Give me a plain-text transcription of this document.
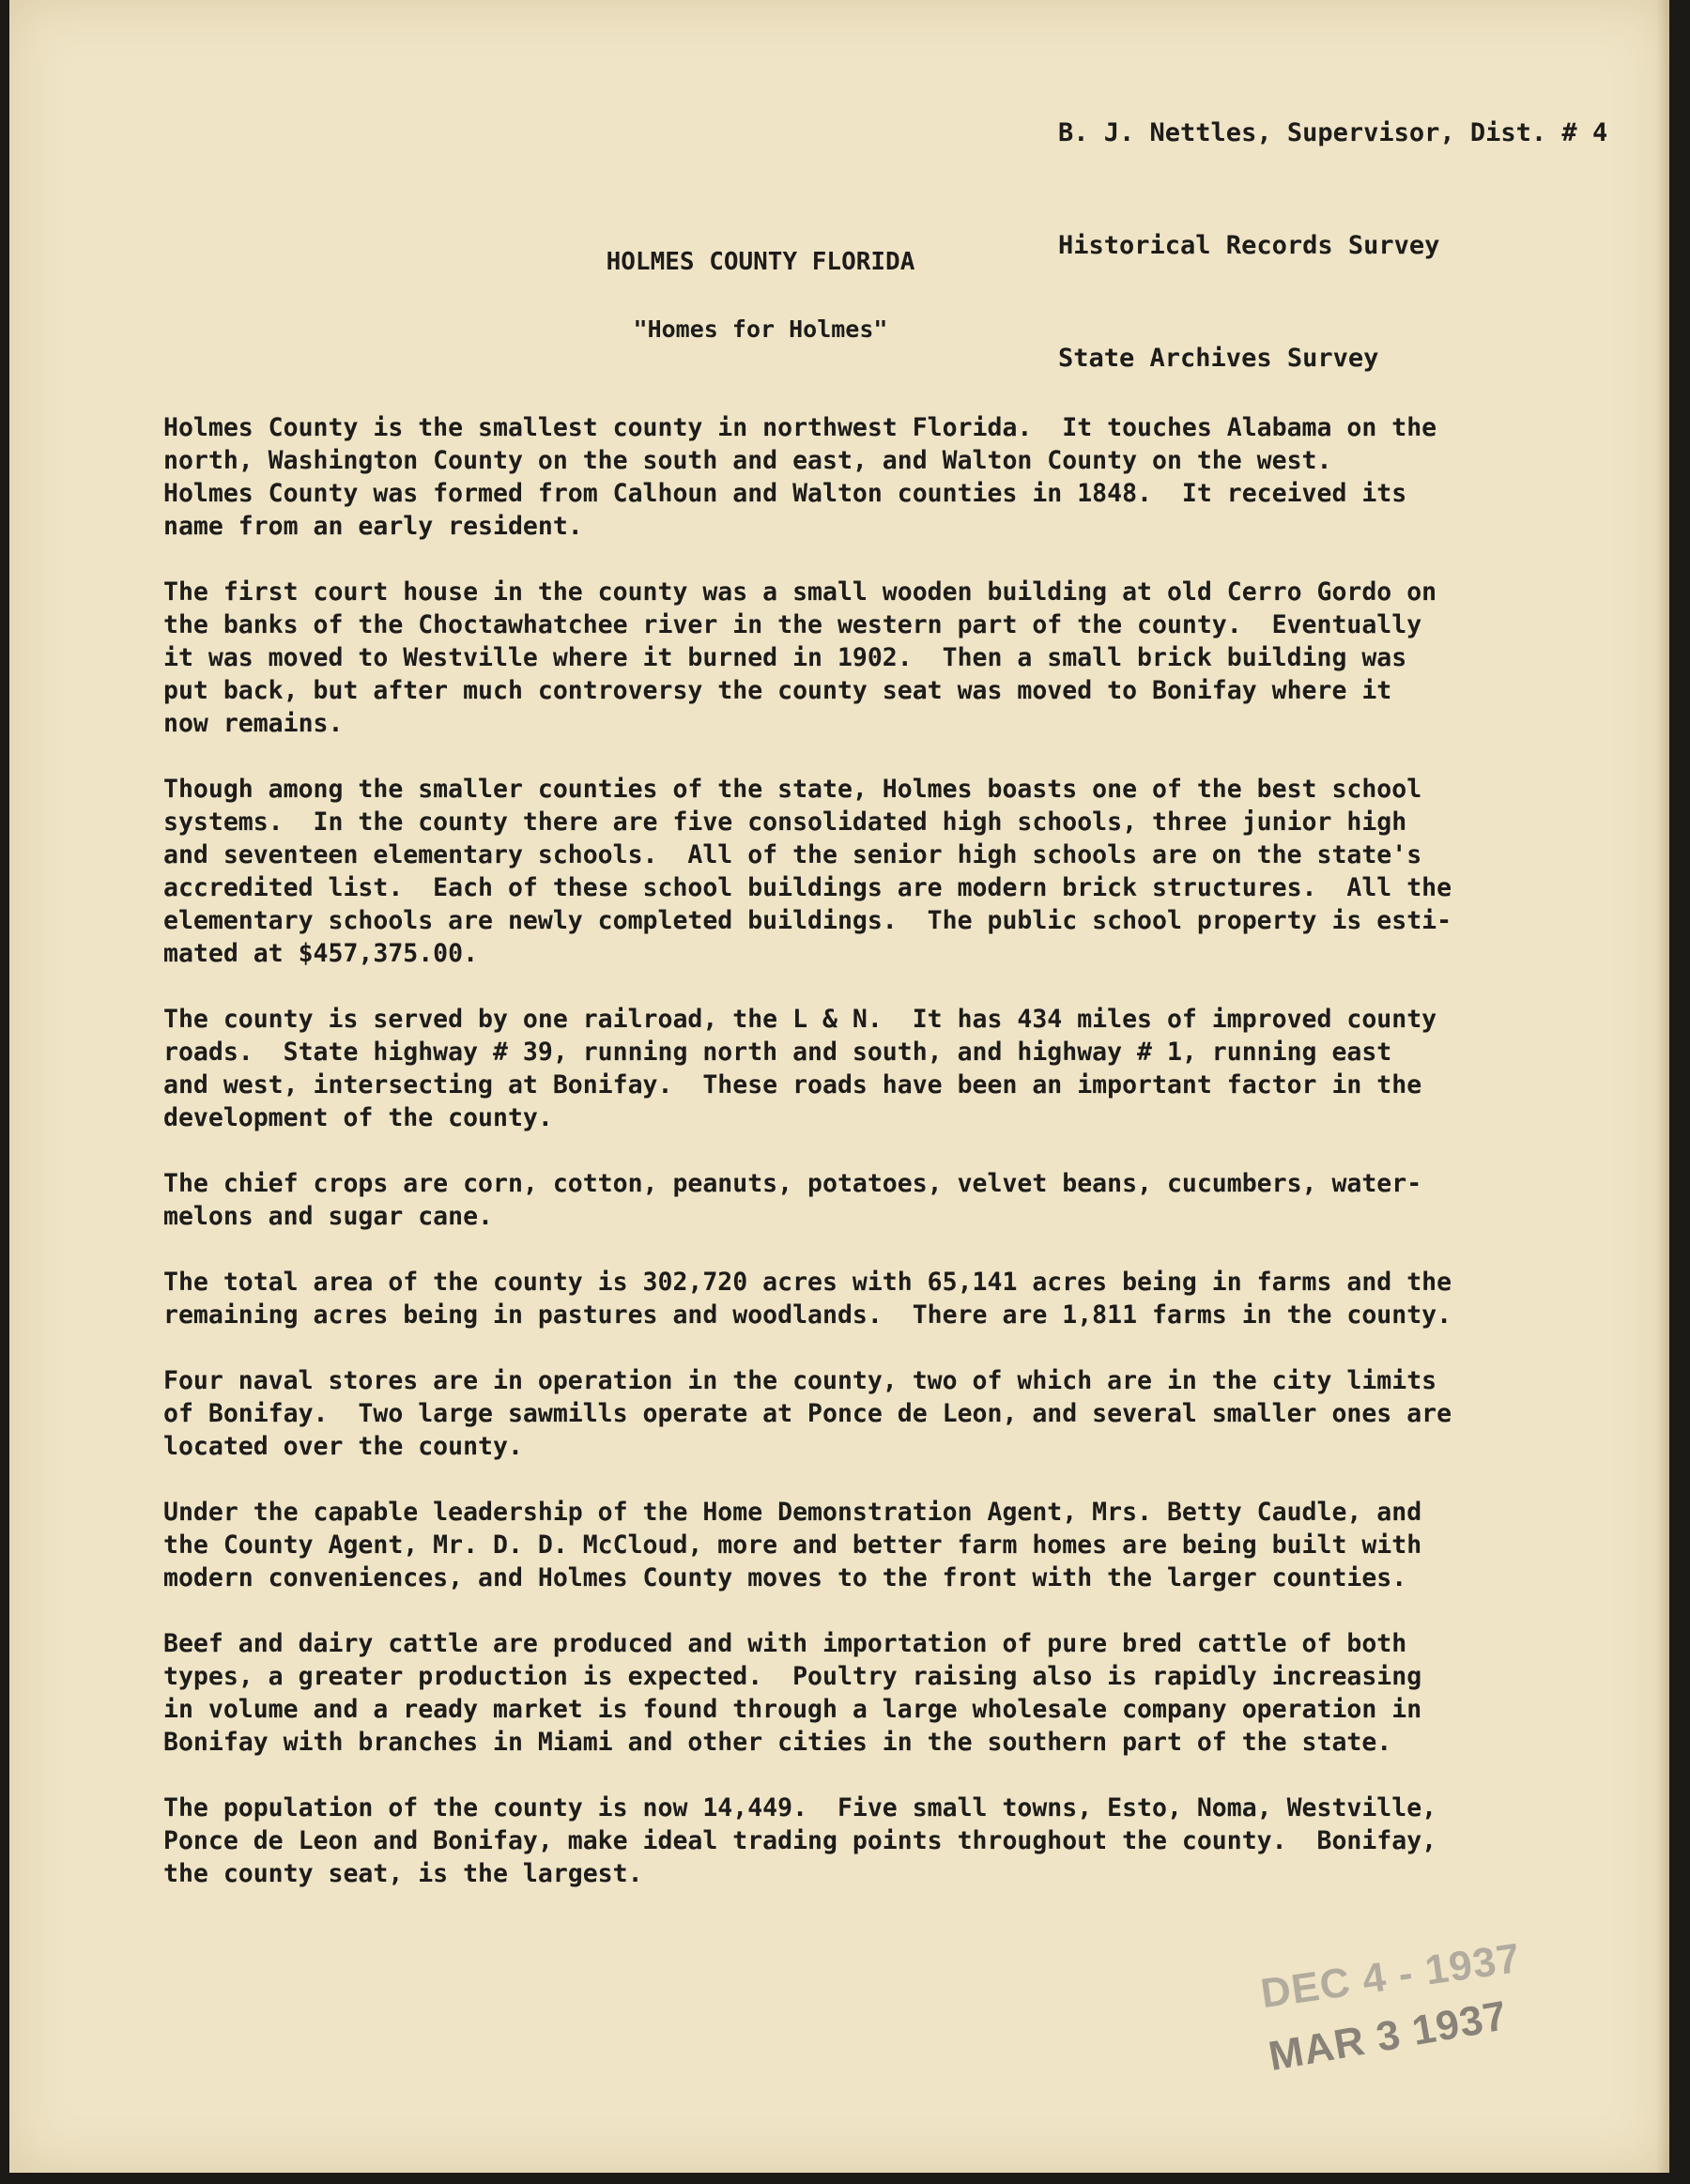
B. J. Nettles, Supervisor, Dist. # 4

Historical Records Survey

State Archives Survey

HOLMES COUNTY FLORIDA
"Homes for Holmes"
Holmes County is the smallest county in northwest Florida.  It touches Alabama on the
north, Washington County on the south and east, and Walton County on the west.
Holmes County was formed from Calhoun and Walton counties in 1848.  It received its
name from an early resident.
The first court house in the county was a small wooden building at old Cerro Gordo on
the banks of the Choctawhatchee river in the western part of the county.  Eventually
it was moved to Westville where it burned in 1902.  Then a small brick building was
put back, but after much controversy the county seat was moved to Bonifay where it
now remains.
Though among the smaller counties of the state, Holmes boasts one of the best school
systems.  In the county there are five consolidated high schools, three junior high
and seventeen elementary schools.  All of the senior high schools are on the state's
accredited list.  Each of these school buildings are modern brick structures.  All the
elementary schools are newly completed buildings.  The public school property is esti-
mated at $457,375.00.
The county is served by one railroad, the L & N.  It has 434 miles of improved county
roads.  State highway # 39, running north and south, and highway # 1, running east
and west, intersecting at Bonifay.  These roads have been an important factor in the
development of the county.
The chief crops are corn, cotton, peanuts, potatoes, velvet beans, cucumbers, water-
melons and sugar cane.
The total area of the county is 302,720 acres with 65,141 acres being in farms and the
remaining acres being in pastures and woodlands.  There are 1,811 farms in the county.
Four naval stores are in operation in the county, two of which are in the city limits
of Bonifay.  Two large sawmills operate at Ponce de Leon, and several smaller ones are
located over the county.
Under the capable leadership of the Home Demonstration Agent, Mrs. Betty Caudle, and
the County Agent, Mr. D. D. McCloud, more and better farm homes are being built with
modern conveniences, and Holmes County moves to the front with the larger counties.
Beef and dairy cattle are produced and with importation of pure bred cattle of both
types, a greater production is expected.  Poultry raising also is rapidly increasing
in volume and a ready market is found through a large wholesale company operation in
Bonifay with branches in Miami and other cities in the southern part of the state.
The population of the county is now 14,449.  Five small towns, Esto, Noma, Westville,
Ponce de Leon and Bonifay, make ideal trading points throughout the county.  Bonifay,
the county seat, is the largest.
DEC 4 - 1937
MAR 3 1937
